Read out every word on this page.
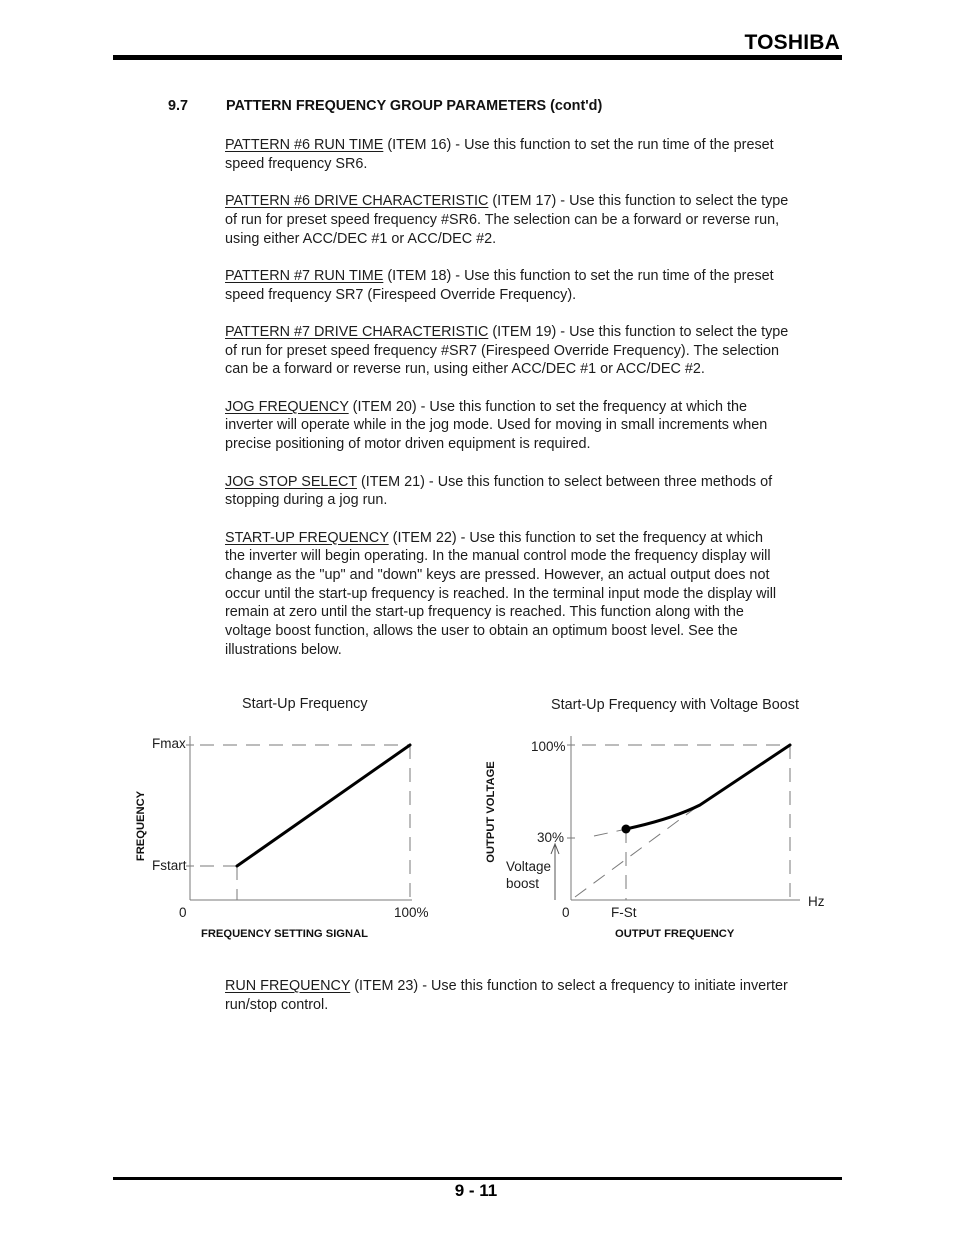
TOSHIBA
9.7	PATTERN FREQUENCY GROUP PARAMETERS (cont'd)
PATTERN #6 RUN TIME (ITEM 16) - Use this function to set the run time of the preset
speed frequency SR6.
PATTERN #6 DRIVE CHARACTERISTIC (ITEM 17) - Use this function to select the type
of run for preset speed frequency #SR6. The selection can be a forward or reverse run,
using either ACC/DEC #1 or ACC/DEC #2.
PATTERN #7 RUN TIME (ITEM 18) - Use this function to set the run time of the preset
speed frequency SR7 (Firespeed Override Frequency).
PATTERN #7 DRIVE CHARACTERISTIC (ITEM 19) - Use this function to select the type
of run for preset speed frequency #SR7 (Firespeed Override Frequency). The selection
can be a forward or reverse run, using either ACC/DEC #1 or ACC/DEC #2.
JOG FREQUENCY (ITEM 20) - Use this function to set the frequency at which the
inverter will operate while in the jog mode. Used for moving in small increments when
precise positioning of motor driven equipment is required.
JOG STOP SELECT (ITEM 21) - Use this function to select between three methods of
stopping during a jog run.
START-UP FREQUENCY (ITEM 22) - Use this function to set the frequency at which
the inverter will begin operating. In the manual control mode the frequency display will
change as the "up" and "down" keys are pressed. However, an actual output does not
occur until the start-up frequency is reached. In the terminal input mode the display will
remain at zero until the start-up frequency is reached. This function along with the
voltage boost function, allows the user to obtain an optimum boost level. See the
illustrations below.
Start-Up Frequency
FREQUENCY
Fmax
Fstart
0	100%
FREQUENCY SETTING SIGNAL
Start-Up Frequency with Voltage Boost
OUTPUT VOLTAGE
100%
30%
Voltage
boost
0	F-St
Hz
OUTPUT FREQUENCY
RUN FREQUENCY (ITEM 23) - Use this function to select a frequency to initiate inverter
run/stop control.
9 - 11
